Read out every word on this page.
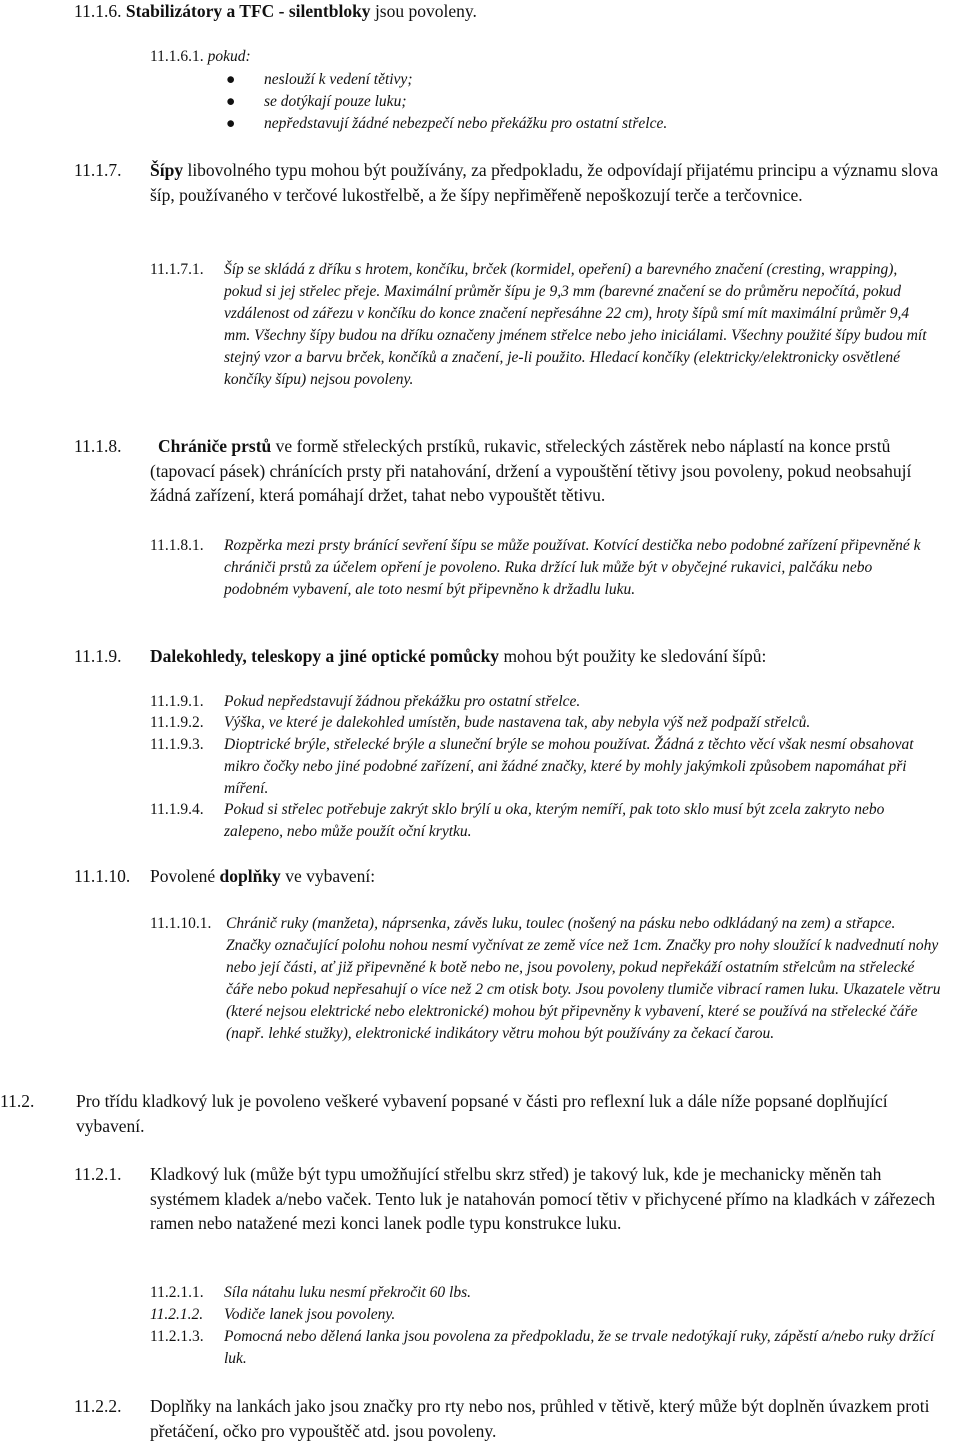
11.1.6. Stabilizátory a TFC - silentbloky jsou povoleny.
11.1.6.1. pokud:
● neslouží k vedení tětivy;
● se dotýkají pouze luku;
● nepředstavují žádné nebezpečí nebo překážku pro ostatní střelce.
11.1.7. Šípy libovolného typu mohou být používány, za předpokladu, že odpovídají přijatému principu a významu slova šíp, používaného v terčové lukostřelbě, a že šípy nepřiměřeně nepoškozují terče a terčovnice.
11.1.7.1. Šíp se skládá z dříku s hrotem, končíku, brček (kormidel, opeření) a barevného značení (cresting, wrapping), pokud si jej střelec přeje. Maximální průměr šípu je 9,3 mm (barevné značení se do průměru nepočítá, pokud vzdálenost od zářezu v končíku do konce značení nepřesáhne 22 cm), hroty šípů smí mít maximální průměr 9,4 mm. Všechny šípy budou na dříku označeny jménem střelce nebo jeho iniciálami. Všechny použité šípy budou mít stejný vzor a barvu brček, končíků a značení, je-li použito. Hledací končíky (elektricky/elektronicky osvětlené končíky šípu) nejsou povoleny.
11.1.8.	Chrániče prstů ve formě střeleckých prstíků, rukavic, střeleckých zástěrek nebo náplastí na konce prstů (tapovací pásek) chránících prsty při natahování, držení a vypouštění tětivy jsou povoleny, pokud neobsahují žádná zařízení, která pomáhají držet, tahat nebo vypouštět tětivu.
11.1.8.1. Rozpěrka mezi prsty bránící sevření šípu se může používat. Kotvící destička nebo podobné zařízení připevněné k chrániči prstů za účelem opření je povoleno. Ruka držící luk může být v obyčejné rukavici, palčáku nebo podobném vybavení, ale toto nesmí být připevněno k držadlu luku.
11.1.9. Dalekohledy, teleskopy a jiné optické pomůcky mohou být použity ke sledování šípů:
11.1.9.1. Pokud nepředstavují žádnou překážku pro ostatní střelce.
11.1.9.2. Výška, ve které je dalekohled umístěn, bude nastavena tak, aby nebyla výš než podpaží střelců.
11.1.9.3. Dioptrické brýle, střelecké brýle a sluneční brýle se mohou používat. Žádná z těchto věcí však nesmí obsahovat mikro čočky nebo jiné podobné zařízení, ani žádné značky, které by mohly jakýmkoli způsobem napomáhat při míření.
11.1.9.4. Pokud si střelec potřebuje zakrýt sklo brýlí u oka, kterým nemíří, pak toto sklo musí být zcela zakryto nebo zalepeno, nebo může použít oční krytku.
11.1.10. Povolené doplňky ve vybavení:
11.1.10.1. Chránič ruky (manžeta), náprsenka, závěs luku, toulec (nošený na pásku nebo odkládaný na zem) a střapce. Značky označující polohu nohou nesmí vyčnívat ze země více než 1cm. Značky pro nohy sloužící k nadvednutí nohy nebo její části, ať již připevněné k botě nebo ne, jsou povoleny, pokud nepřekáží ostatním střelcům na střelecké čáře nebo pokud nepřesahují o více než 2 cm otisk boty. Jsou povoleny tlumiče vibrací ramen luku. Ukazatele větru (které nejsou elektrické nebo elektronické) mohou být připevněny k vybavení, které se používá na střelecké čáře (např. lehké stužky), elektronické indikátory větru mohou být používány za čekací čarou.
11.2. Pro třídu kladkový luk je povoleno veškeré vybavení popsané v části pro reflexní luk a dále níže popsané doplňující vybavení.
11.2.1. Kladkový luk (může být typu umožňující střelbu skrz střed) je takový luk, kde je mechanicky měněn tah systémem kladek a/nebo vaček. Tento luk je natahován pomocí tětiv v přichycené přímo na kladkách v zářezech ramen nebo natažené mezi konci lanek podle typu konstrukce luku.
11.2.1.1. Síla nátahu luku nesmí překročit 60 lbs.
11.2.1.2. Vodiče lanek jsou povoleny.
11.2.1.3. Pomocná nebo dělená lanka jsou povolena za předpokladu, že se trvale nedotýkají ruky, zápěstí a/nebo ruky držící luk.
11.2.2. Doplňky na lankách jako jsou značky pro rty nebo nos, průhled v tětivě, který může být doplněn úvazkem proti přetáčení, očko pro vypouštěč atd. jsou povoleny.
